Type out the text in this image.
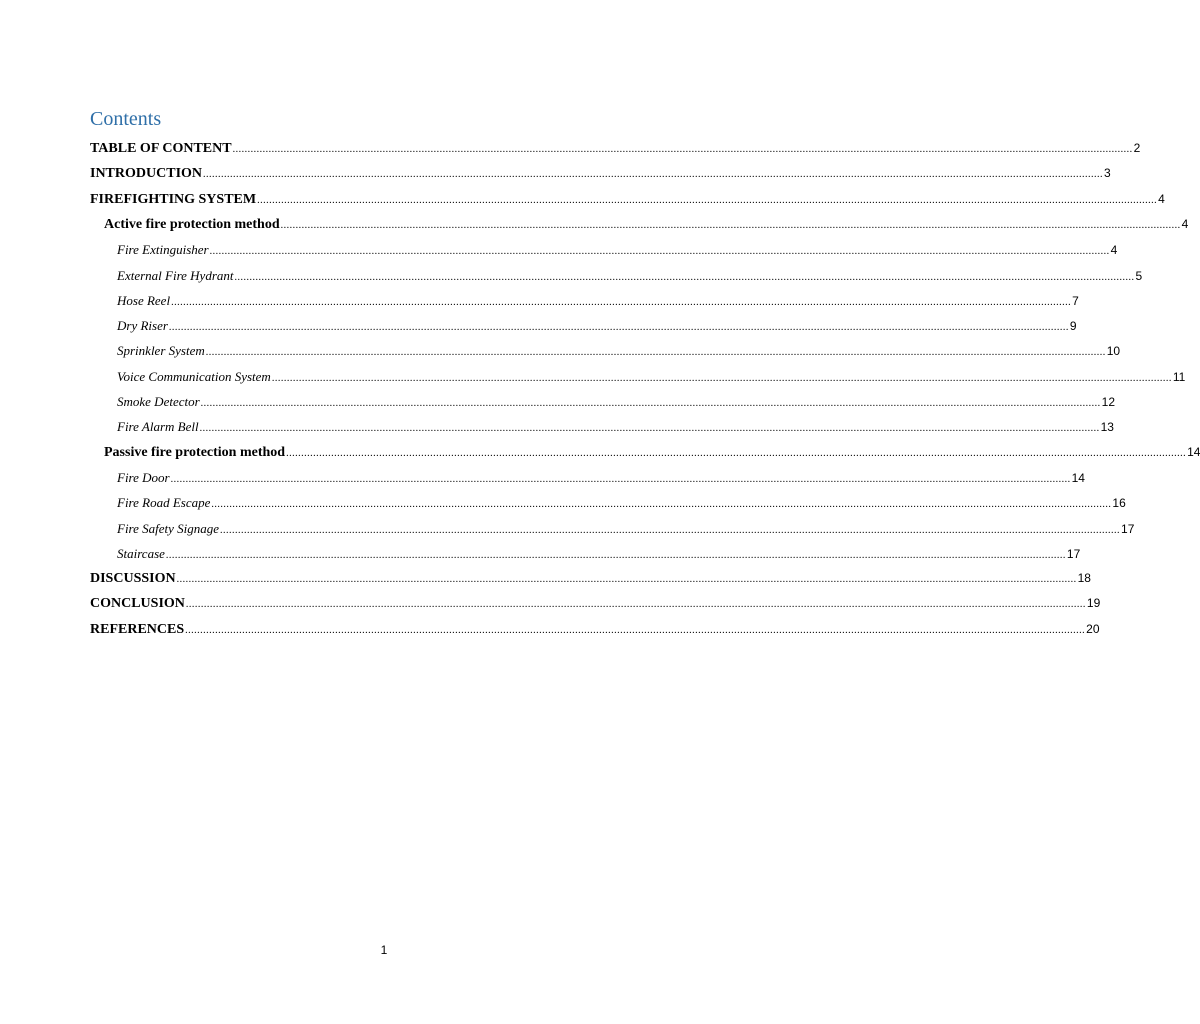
Contents
TABLE OF CONTENT ............................................................................................................................................................................................................................................................................................................ 2
INTRODUCTION ............................................................................................................................................................................................................................................................................................................ 3
FIREFIGHTING SYSTEM ............................................................................................................................................................................................................................................................................................................ 4
Active fire protection method ............................................................................................................................................................................................................................................................................................................ 4
Fire Extinguisher ............................................................................................................................................................................................................................................................................................................ 4
External Fire Hydrant ............................................................................................................................................................................................................................................................................................................ 5
Hose Reel ............................................................................................................................................................................................................................................................................................................ 7
Dry Riser ............................................................................................................................................................................................................................................................................................................ 9
Sprinkler System ............................................................................................................................................................................................................................................................................................................ 10
Voice Communication System ............................................................................................................................................................................................................................................................................................................ 11
Smoke Detector ............................................................................................................................................................................................................................................................................................................ 12
Fire Alarm Bell ............................................................................................................................................................................................................................................................................................................ 13
Passive fire protection method ............................................................................................................................................................................................................................................................................................................ 14
Fire Door ............................................................................................................................................................................................................................................................................................................ 14
Fire Road Escape ............................................................................................................................................................................................................................................................................................................ 16
Fire Safety Signage ............................................................................................................................................................................................................................................................................................................ 17
Staircase ............................................................................................................................................................................................................................................................................................................ 17
DISCUSSION ............................................................................................................................................................................................................................................................................................................ 18
CONCLUSION ............................................................................................................................................................................................................................................................................................................ 19
REFERENCES ............................................................................................................................................................................................................................................................................................................ 20
1
